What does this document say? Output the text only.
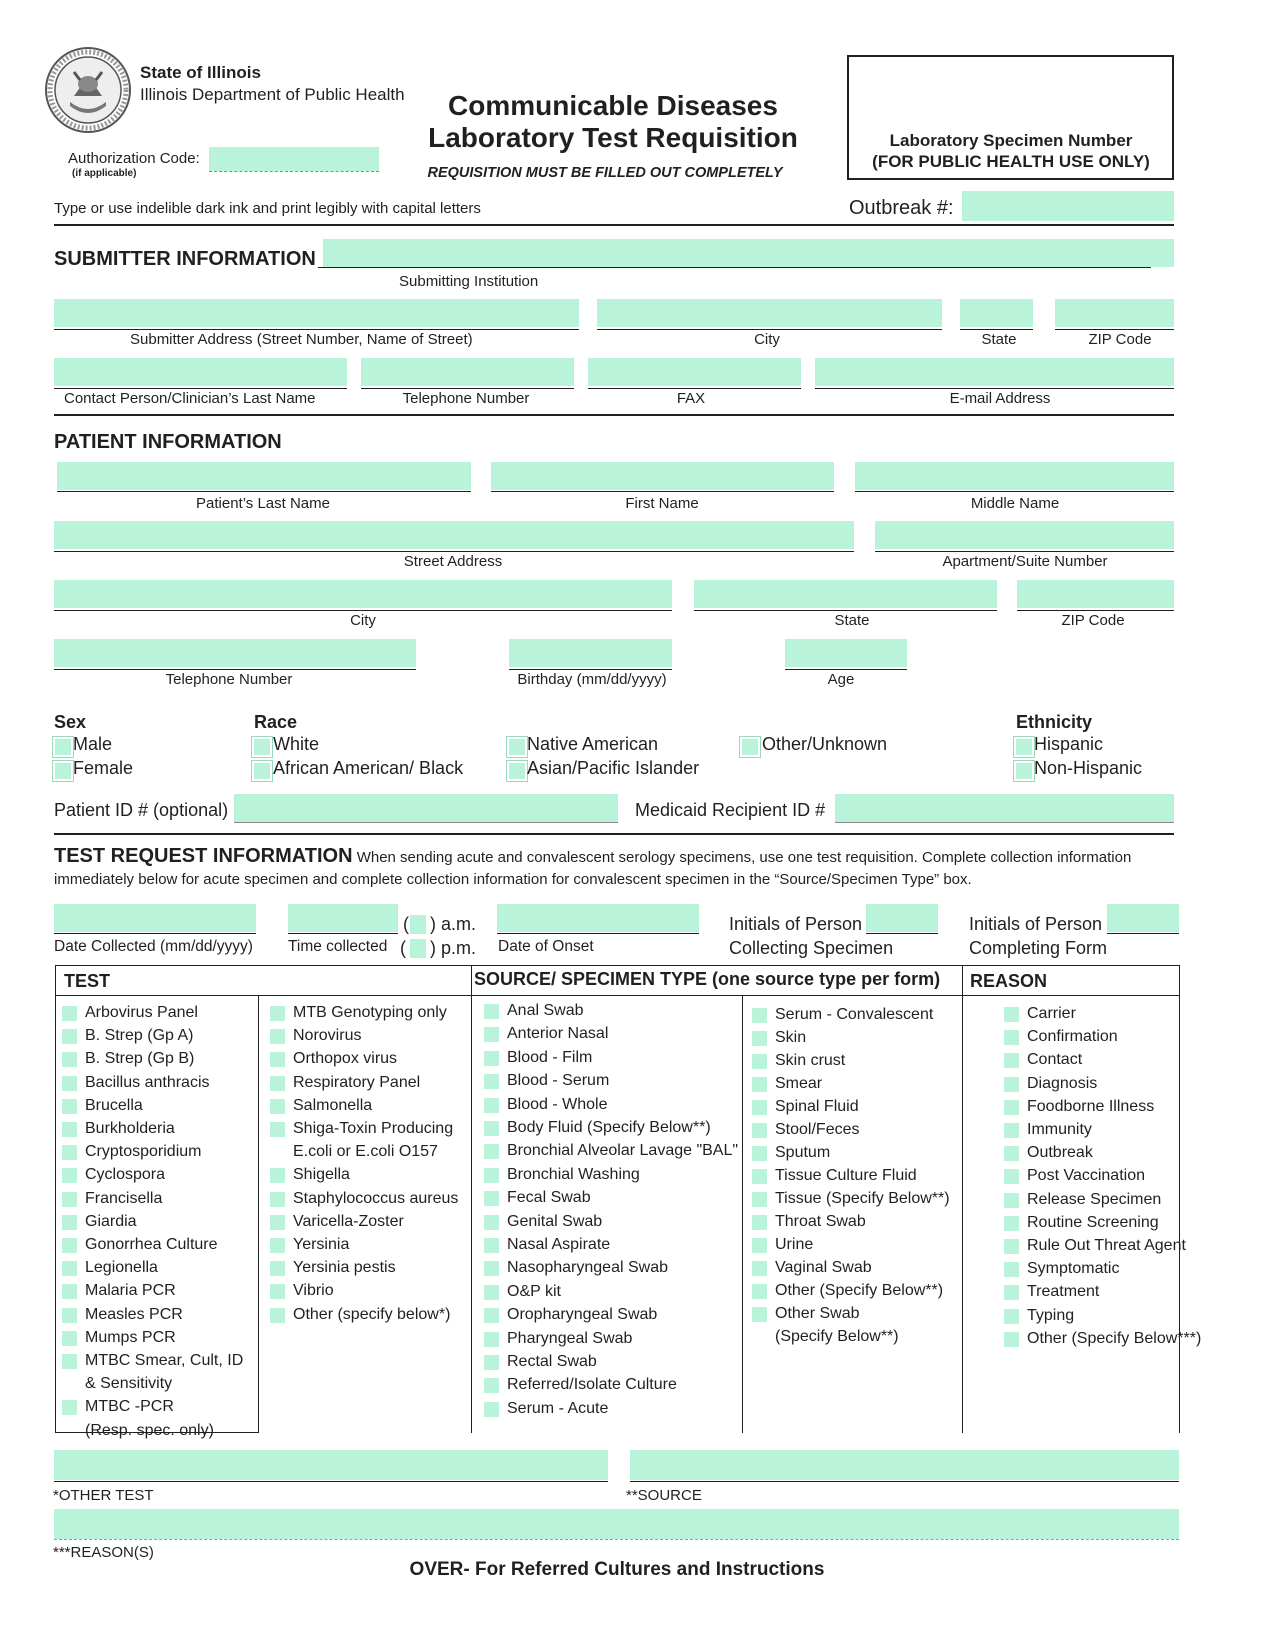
State of Illinois
Illinois Department of Public Health
Authorization Code:
(if applicable)
Communicable Diseases
Laboratory Test Requisition
REQUISITION MUST BE FILLED OUT COMPLETELY
Laboratory Specimen Number
(FOR PUBLIC HEALTH USE ONLY)
Type or use indelible dark ink and print legibly with capital letters	Outbreak #:
SUBMITTER INFORMATION
Submitting Institution
Submitter Address (Street Number, Name of Street)	City	State	ZIP Code
Contact Person/Clinician’s Last Name	Telephone Number	FAX	E-mail Address
PATIENT INFORMATION
Patient’s Last Name	First Name	Middle Name
Street Address	Apartment/Suite Number
City	State	ZIP Code
Telephone Number	Birthday (mm/dd/yyyy)	Age
Sex
Male
Female
Race
White
African American/ Black
Native American
Asian/Pacific Islander
Other/Unknown
Ethnicity
Hispanic
Non-Hispanic
Patient ID # (optional)	Medicaid Recipient ID #
TEST REQUEST INFORMATION When sending acute and convalescent serology specimens, use one test requisition. Complete collection information
immediately below for acute specimen and complete collection information for convalescent specimen in the “Source/Specimen Type” box.
Date Collected (mm/dd/yyyy) Time collected
( ) a.m.
( ) p.m. Date of Onset
Initials of Person
Collecting Specimen
Initials of Person
Completing Form
TEST	SOURCE/ SPECIMEN TYPE (one source type per form) REASON
Arbovirus Panel
B. Strep (Gp A)
B. Strep (Gp B)
Bacillus anthracis
Brucella
Burkholderia
Cryptosporidium
Cyclospora
Francisella
Giardia
Gonorrhea Culture
Legionella
Malaria PCR
Measles PCR
Mumps PCR
MTBC Smear, Cult, ID
& Sensitivity
MTBC -PCR
(Resp. spec. only)
MTB Genotyping only
Norovirus
Orthopox virus
Respiratory Panel
Salmonella
Shiga-Toxin Producing
E.coli or E.coli O157
Shigella
Staphylococcus aureus
Varicella-Zoster
Yersinia
Yersinia pestis
Vibrio
Other (specify below*)
Anal Swab
Anterior Nasal
Blood - Film
Blood - Serum
Blood - Whole
Body Fluid (Specify Below**)
Bronchial Alveolar Lavage "BAL"
Bronchial Washing
Fecal Swab
Genital Swab
Nasal Aspirate
Nasopharyngeal Swab
O&P kit
Oropharyngeal Swab
Pharyngeal Swab
Rectal Swab
Referred/Isolate Culture
Serum - Acute
Serum - Convalescent
Skin
Skin crust
Smear
Spinal Fluid
Stool/Feces
Sputum
Tissue Culture Fluid
Tissue (Specify Below**)
Throat Swab
Urine
Vaginal Swab
Other (Specify Below**)
Other Swab
(Specify Below**)
Carrier
Confirmation
Contact
Diagnosis
Foodborne Illness
Immunity
Outbreak
Post Vaccination
Release Specimen
Routine Screening
Rule Out Threat Agent
Symptomatic
Treatment
Typing
Other (Specify Below***)
*OTHER TEST	**SOURCE
***REASON(S)
OVER- For Referred Cultures and Instructions
